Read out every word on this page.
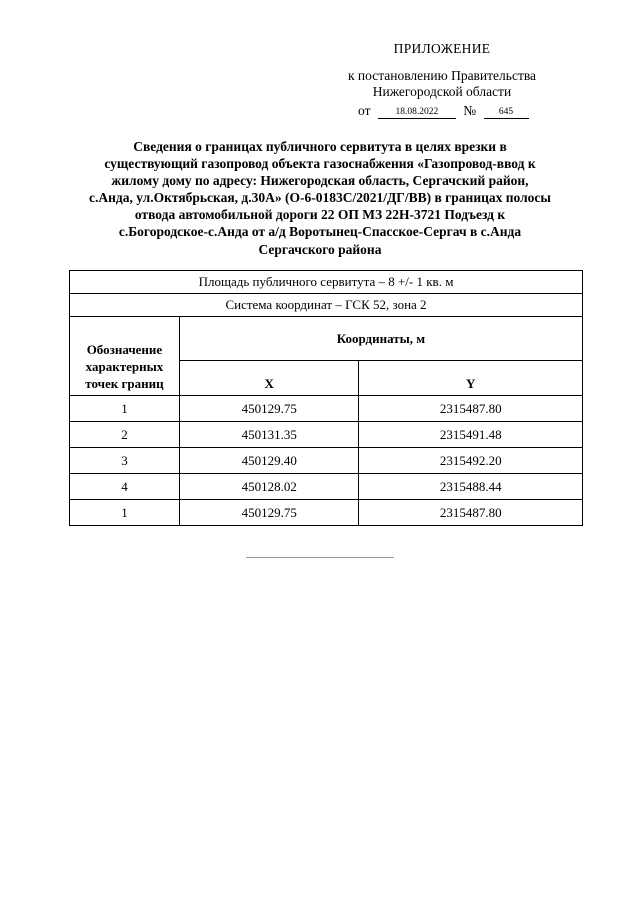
ПРИЛОЖЕНИЕ
к постановлению Правительства
Нижегородской области
от	18.08.2022 № 645
Сведения о границах публичного сервитута в целях врезки в
существующий газопровод объекта газоснабжения «Газопровод-ввод к
жилому дому по адресу: Нижегородская область, Сергачский район,
с.Анда, ул.Октябрьская, д.30А» (О-6-0183С/2021/ДГ/ВВ) в границах полосы
отвода автомобильной дороги 22 ОП МЗ 22Н-3721 Подъезд к
с.Богородское-с.Анда от а/д Воротынец-Спасское-Сергач в с.Анда
Сергачского района
Площадь публичного сервитута – 8 +/- 1 кв. м		
Система координат – ГСК 52, зона 2		

Обозначение
характерных
точек границ	Координаты, м	
	X	Y
1	450129.75	2315487.80
2	450131.35	2315491.48
3	450129.40	2315492.20
4	450128.02	2315488.44
1	450129.75	2315487.80
